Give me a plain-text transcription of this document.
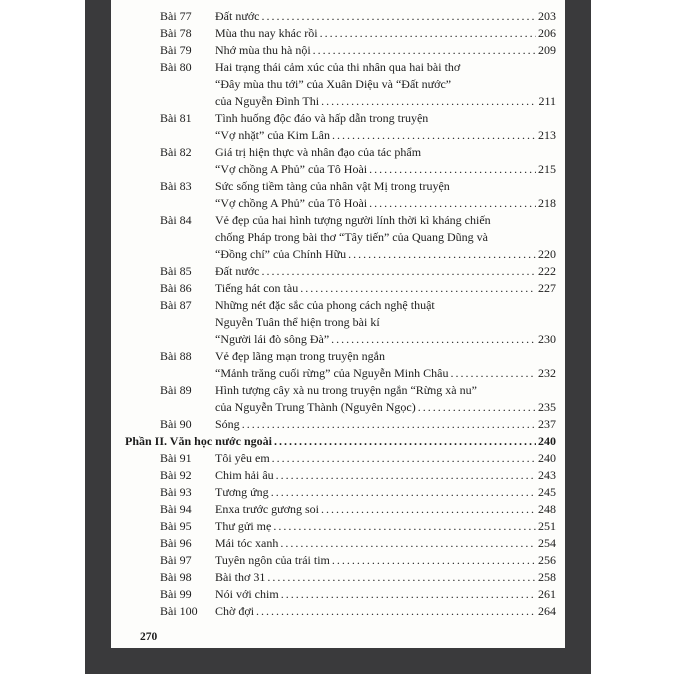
Bài 77	Đất nước .....	203
Bài 78	Mùa thu nay khác rồi .....	206
Bài 79	Nhớ mùa thu hà nội .....	209
Bài 80	Hai trạng thái cảm xúc của thi nhân qua hai bài thơ
“Đây mùa thu tới” của Xuân Diệu và “Đất nước”
của Nguyễn Đình Thi .....	211
Bài 81	Tình huống độc đáo và hấp dẫn trong truyện
“Vợ nhặt” của Kim Lân .....	213
Bài 82	Giá trị hiện thực và nhân đạo của tác phẩm
“Vợ chồng A Phủ” của Tô Hoài .....	215
Bài 83	Sức sống tiềm tàng của nhân vật Mị trong truyện
“Vợ chồng A Phủ” của Tô Hoài .....	218
Bài 84	Vẻ đẹp của hai hình tượng người lính thời kì kháng chiến
chống Pháp trong bài thơ “Tây tiến” của Quang Dũng và
“Đồng chí” của Chính Hữu .....	220
Bài 85	Đất nước .....	222
Bài 86	Tiếng hát con tàu .....	227
Bài 87	Những nét đặc sắc của phong cách nghệ thuật
Nguyễn Tuân thể hiện trong bài kí
“Người lái đò sông Đà” .....	230
Bài 88	Vẻ đẹp lãng mạn trong truyện ngắn
“Mảnh trăng cuối rừng” của Nguyễn Minh Châu .....	232
Bài 89	Hình tượng cây xà nu trong truyện ngắn “Rừng xà nu”
của Nguyễn Trung Thành (Nguyên Ngọc) .....	235
Bài 90	Sóng .....	237
Phần II. Văn học nước ngoài .....	240
Bài 91	Tôi yêu em .....	240
Bài 92	Chim hải âu .....	243
Bài 93	Tương ứng .....	245
Bài 94	Enxa trước gương soi .....	248
Bài 95	Thư gửi mẹ .....	251
Bài 96	Mái tóc xanh .....	254
Bài 97	Tuyên ngôn của trái tim .....	256
Bài 98	Bài thơ 31 .....	258
Bài 99	Nói với chim .....	261
Bài 100	Chờ đợi .....	264
270
